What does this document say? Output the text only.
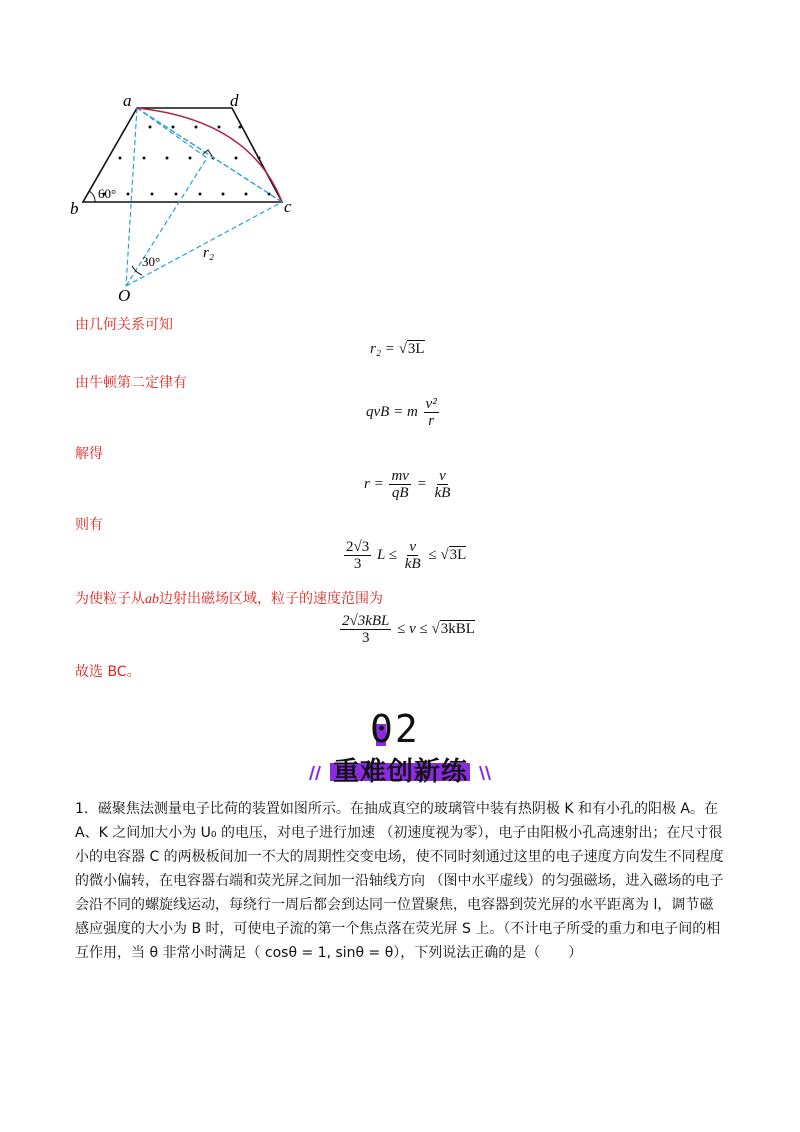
a	d
b	c
O
60°
30°
r₂
由几何关系可知
r₂ = √3L
由牛顿第二定律有
qvB = m $\frac{\text{v²}}{r}$
解得
$r = \frac{mv}{qB} = \frac{v}{kB}$
则有
$\frac{2√3}{3}$ $L \le \frac{v}{kB} \le √3L$
为使粒子从ab边射出磁场区域，粒子的速度范围为
$\frac{\text{2√3kBL}}{3} \le v \le √3kBL$
故选 BC。
02
重难创新练
1．磁聚焦法测量电子比荷的装置如图所示。在抽成真空的玻璃管中装有热阴极 K 和有小孔的阳极 A。在 A、K 之间加大小为 U₀ 的电压，对电子进行加速 （初速度视为零），电子由阳极小孔高速射出；在尺寸很小的电容器 C 的两极板间加一不大的周期性交变电场，使不同时刻通过这里的电子速度方向发生不同程度的微小偏转，在电容器右端和荧光屏之间加一沿轴线方向 （图中水平虚线）的匀强磁场，进入磁场的电子会沿不同的螺旋线运动，每绕行一周后都会到达同一位置聚焦，电容器到荧光屏的水平距离为 l，调节磁感应强度的大小为 B 时，可使电子流的第一个焦点落在荧光屏 S 上。（不计电子所受的重力和电子间的相互作用，当 θ 非常小时满足（ cosθ = 1, sinθ = θ），下列说法正确的是（　　）
